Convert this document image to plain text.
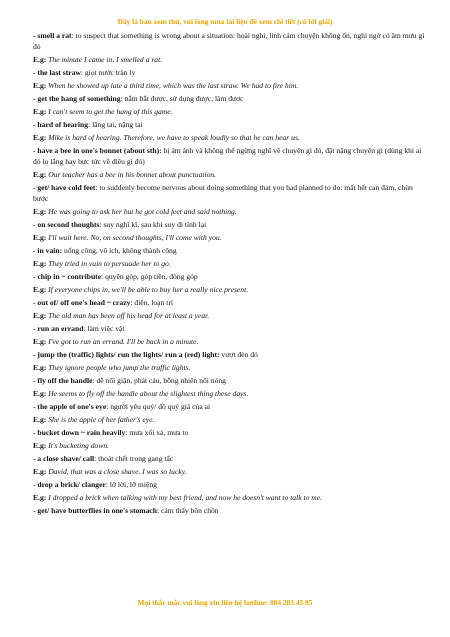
Đây là bản xem thử, vui lòng mua tài liệu để xem chi tiết (có lời giải)
- smell a rat: to suspect that something is wrong about a situation: hoài nghi, linh cảm chuyện không ổn, nghi ngờ có âm mưu gì đó
E.g: The minute I came in, I smelled a rat.
- the last straw: giọt nước tràn ly
E.g: When he showed up late a third time, which was the last straw. We had to fire him.
- get the hang of something: nắm bắt được, sử dụng được, làm được
E.g: I can't seem to get the hang of this game.
- hard of hearing: lãng tai, nặng tai
E.g: Mike is hard of hearing. Therefore, we have to speak loudly so that he can hear us.
- have a bee in one's bonnet (about sth): bị ám ảnh và không thể ngừng nghĩ về chuyện gì đó, đặt nặng chuyện gì (dùng khi ai đó lo lắng hay bực tức về điều gì đó)
E.g: Our teacher has a bee in his bonnet about punctuation.
- get/ have cold feet: to suddenly become nervous about doing something that you had planned to do: mất hết can đảm, chùn bước
E.g: He was going to ask her but he got cold feet and said nothing.
- on second thoughts: suy nghĩ kĩ, sau khi suy đi tính lại
E.g: I'll wait here. No, on second thoughts, I'll come with you.
- in vain: uổng công, vô ích, không thành công
E.g: They tried in vain to persuade her to go.
- chip in ~ contribute: quyên góp, góp tiền, đóng góp
E.g: If everyone chips in, we'll be able to buy her a really nice present.
- out of/ off one's head ~ crazy: điên, loạn trí
E.g: The old man has been off his head for at least a year.
- run an errand: làm việc vặt
E.g: I've got to run an errand. I'll be back in a minute.
- jump the (traffic) lights/ run the lights/ run a (red) light: vượt đèn đỏ
E.g: They ignore people who jump the traffic lights.
- fly off the handle: dễ nổi giận, phát cáu, bỗng nhiên nổi nóng
E.g: He seems to fly off the handle about the slightest thing these days.
- the apple of one's eye: người yêu quý/ đồ quý giá của ai
E.g: She is the apple of her father's eye.
- bucket down ~ rain heavily: mưa xối xả, mưa to
E.g: It's bucketing down.
- a close shave/ call: thoát chết trong gang tấc
E.g: David, that was a close shave. I was so lucky.
- drop a brick/ clanger: lỡ lời, lỡ miệng
E.g: I dropped a brick when talking with my best friend, and now he doesn't want to talk to me.
- get/ have butterflies in one's stomach: cảm thấy bồn chồn
Mọi thắc mắc vui lòng xin liên hệ hotline: 084 283 45 85
